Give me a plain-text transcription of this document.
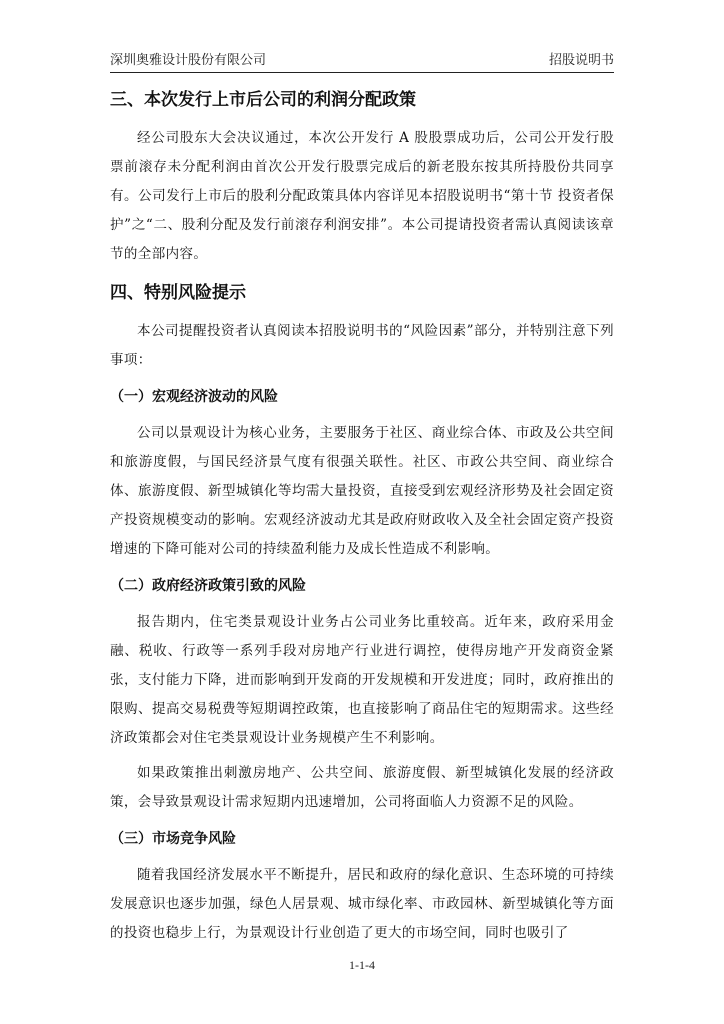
深圳奥雅设计股份有限公司	招股说明书
三、本次发行上市后公司的利润分配政策

经公司股东大会决议通过，本次公开发行 A 股股票成功后，公司公开发行股票前滚存未分配利润由首次公开发行股票完成后的新老股东按其所持股份共同享有。公司发行上市后的股利分配政策具体内容详见本招股说明书“第十节 投资者保护”之“二、股利分配及发行前滚存利润安排”。本公司提请投资者需认真阅读该章节的全部内容。

四、特别风险提示

本公司提醒投资者认真阅读本招股说明书的“风险因素”部分，并特别注意下列事项：

（一）宏观经济波动的风险

公司以景观设计为核心业务，主要服务于社区、商业综合体、市政及公共空间和旅游度假，与国民经济景气度有很强关联性。社区、市政公共空间、商业综合体、旅游度假、新型城镇化等均需大量投资，直接受到宏观经济形势及社会固定资产投资规模变动的影响。宏观经济波动尤其是政府财政收入及全社会固定资产投资增速的下降可能对公司的持续盈利能力及成长性造成不利影响。

（二）政府经济政策引致的风险

报告期内，住宅类景观设计业务占公司业务比重较高。近年来，政府采用金融、税收、行政等一系列手段对房地产行业进行调控，使得房地产开发商资金紧张，支付能力下降，进而影响到开发商的开发规模和开发进度；同时，政府推出的限购、提高交易税费等短期调控政策，也直接影响了商品住宅的短期需求。这些经济政策都会对住宅类景观设计业务规模产生不利影响。

如果政策推出刺激房地产、公共空间、旅游度假、新型城镇化发展的经济政策，会导致景观设计需求短期内迅速增加，公司将面临人力资源不足的风险。

（三）市场竞争风险

随着我国经济发展水平不断提升，居民和政府的绿化意识、生态环境的可持续发展意识也逐步加强，绿色人居景观、城市绿化率、市政园林、新型城镇化等方面的投资也稳步上行，为景观设计行业创造了更大的市场空间，同时也吸引了

1-1-4
